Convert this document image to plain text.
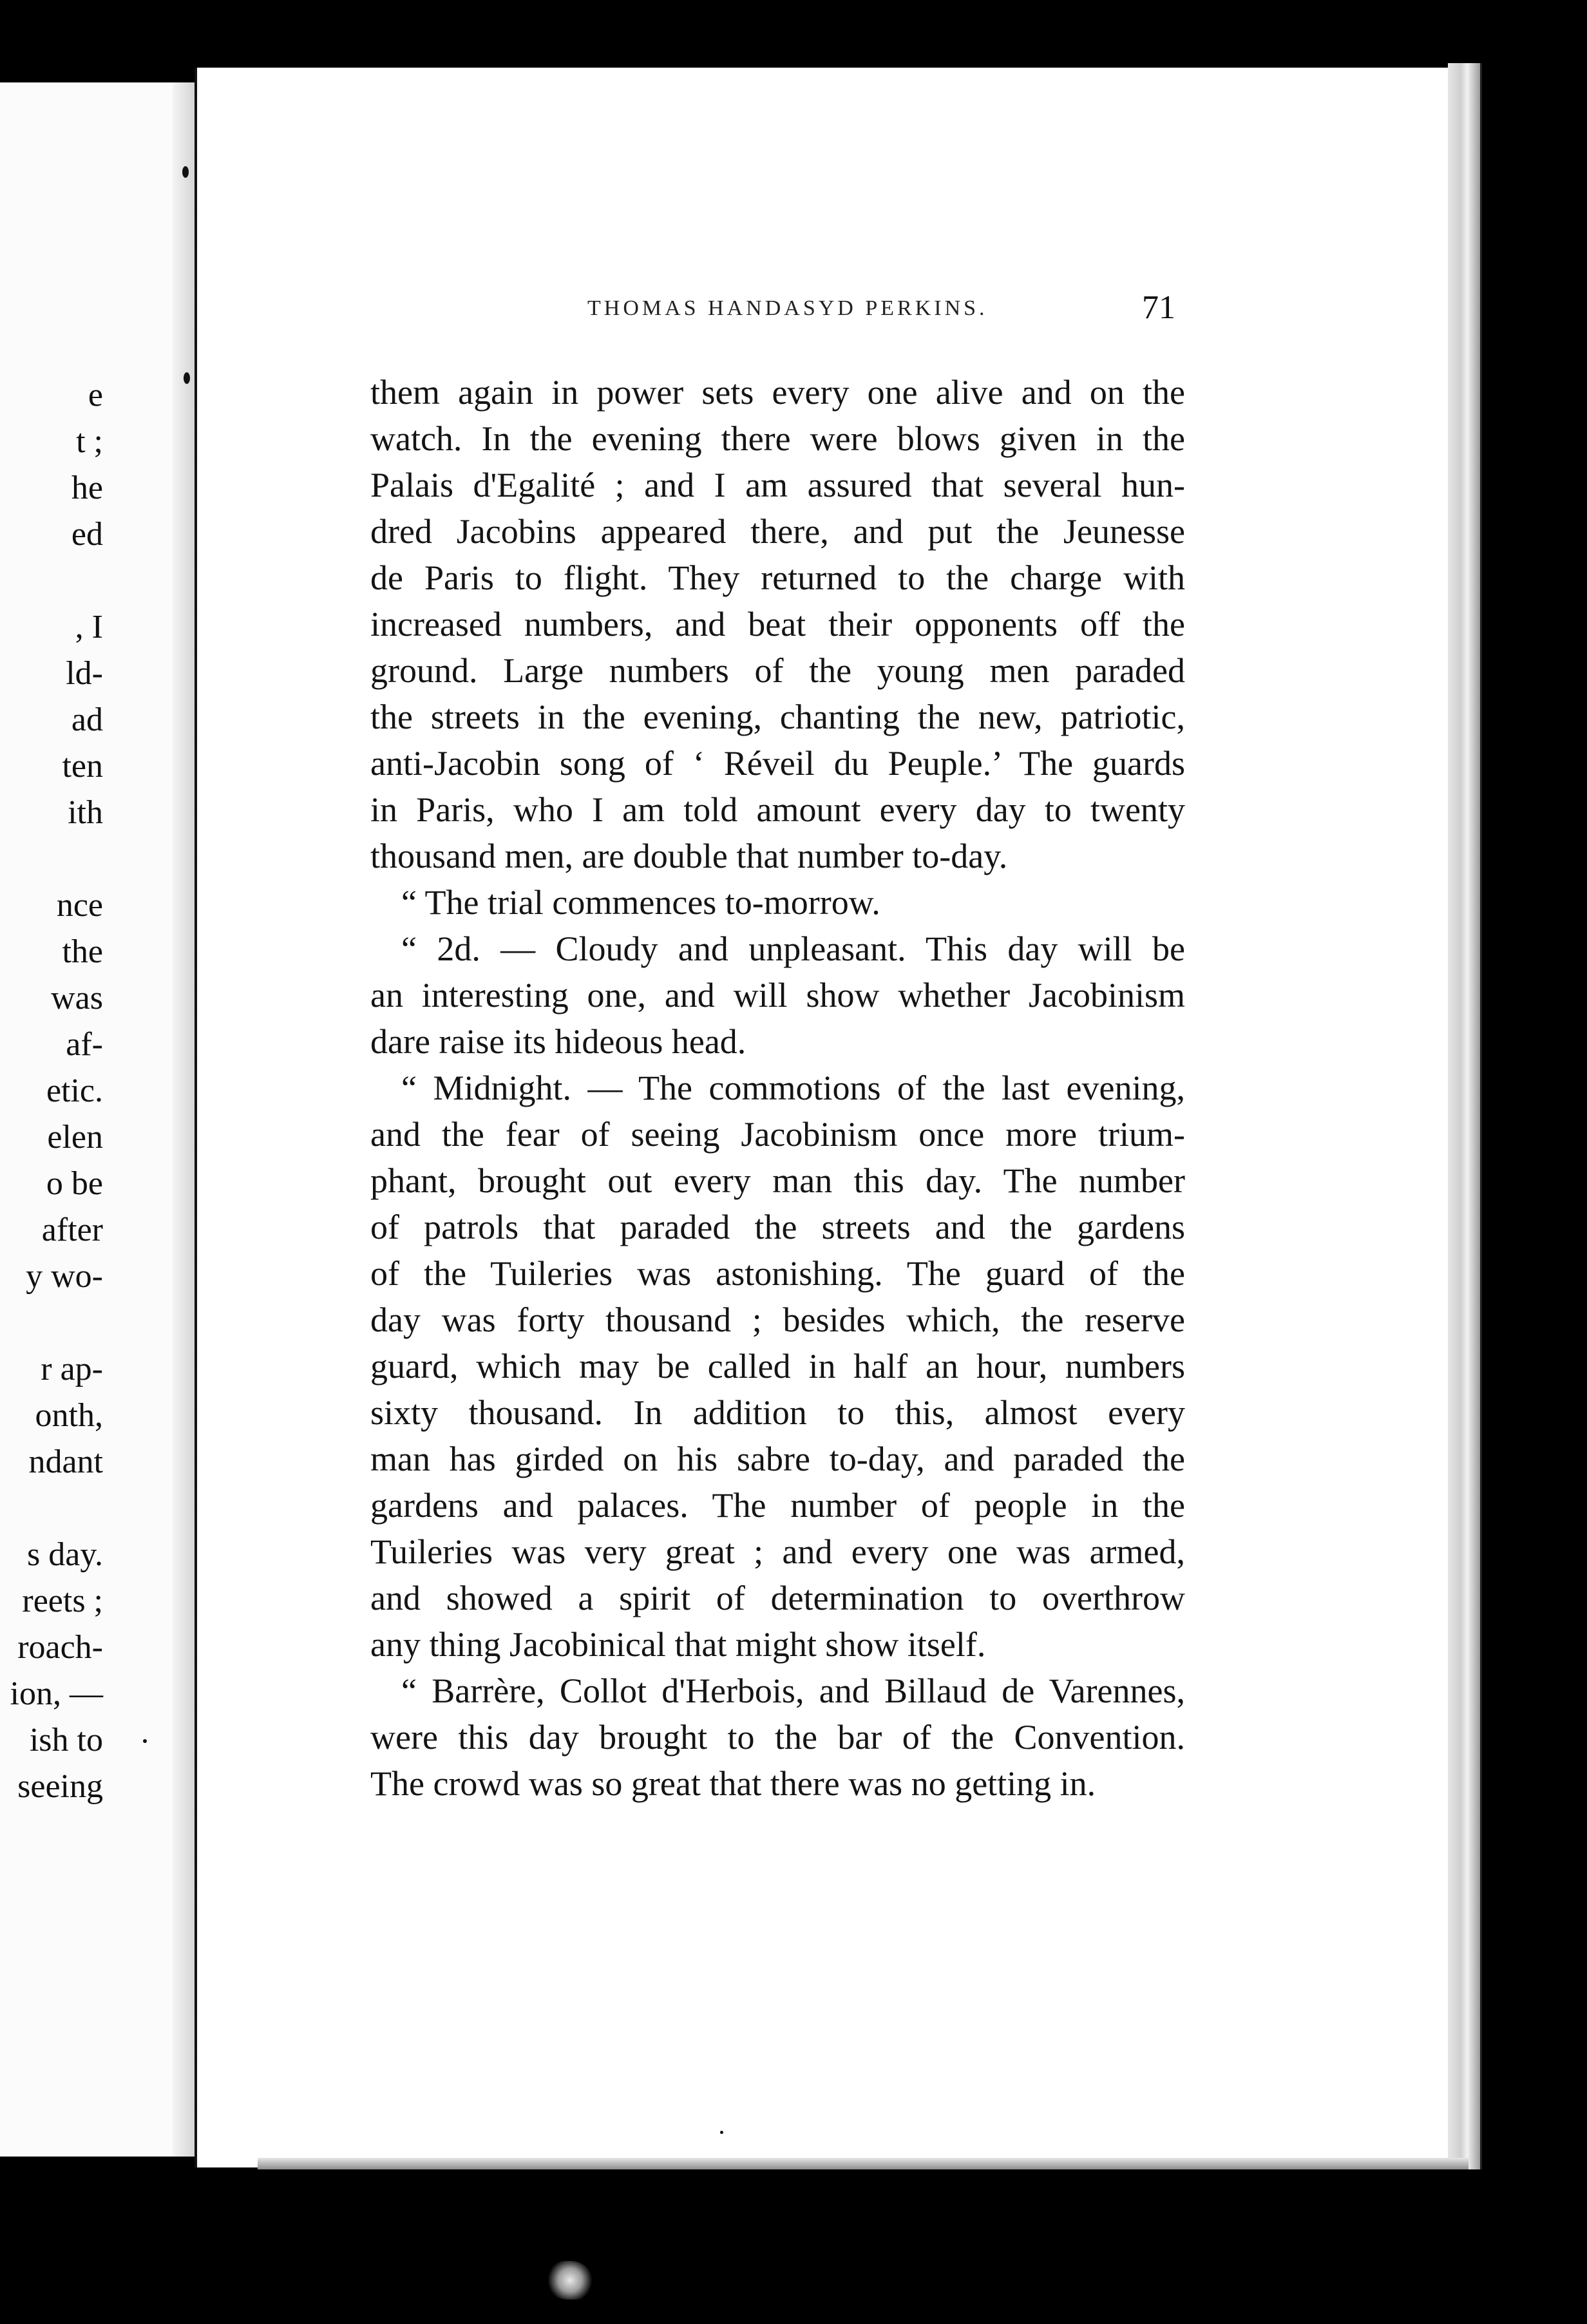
e
t ;
he
ed
, I
ld-
ad
ten
ith
nce
the
was
af-
etic.
elen
o be
after
y wo-
r ap-
onth,
ndant
s day.
reets ;
roach-
ion, —
ish to
seeing
THOMAS HANDASYD PERKINS.	71
them again in power sets every one alive and on the
watch. In the evening there were blows given in the
Palais d'Egalité ; and I am assured that several hun-
dred Jacobins appeared there, and put the Jeunesse
de Paris to flight. They returned to the charge with
increased numbers, and beat their opponents off the
ground. Large numbers of the young men paraded
the streets in the evening, chanting the new, patriotic,
anti-Jacobin song of ‘ Réveil du Peuple.’ The guards
in Paris, who I am told amount every day to twenty
thousand men, are double that number to-day.
“ The trial commences to-morrow.
“ 2d. — Cloudy and unpleasant. This day will be
an interesting one, and will show whether Jacobinism
dare raise its hideous head.
“ Midnight. — The commotions of the last evening,
and the fear of seeing Jacobinism once more trium-
phant, brought out every man this day. The number
of patrols that paraded the streets and the gardens
of the Tuileries was astonishing. The guard of the
day was forty thousand ; besides which, the reserve
guard, which may be called in half an hour, numbers
sixty thousand. In addition to this, almost every
man has girded on his sabre to-day, and paraded the
gardens and palaces. The number of people in the
Tuileries was very great ; and every one was armed,
and showed a spirit of determination to overthrow
any thing Jacobinical that might show itself.
“ Barrère, Collot d'Herbois, and Billaud de Varennes,
were this day brought to the bar of the Convention.
The crowd was so great that there was no getting in.
